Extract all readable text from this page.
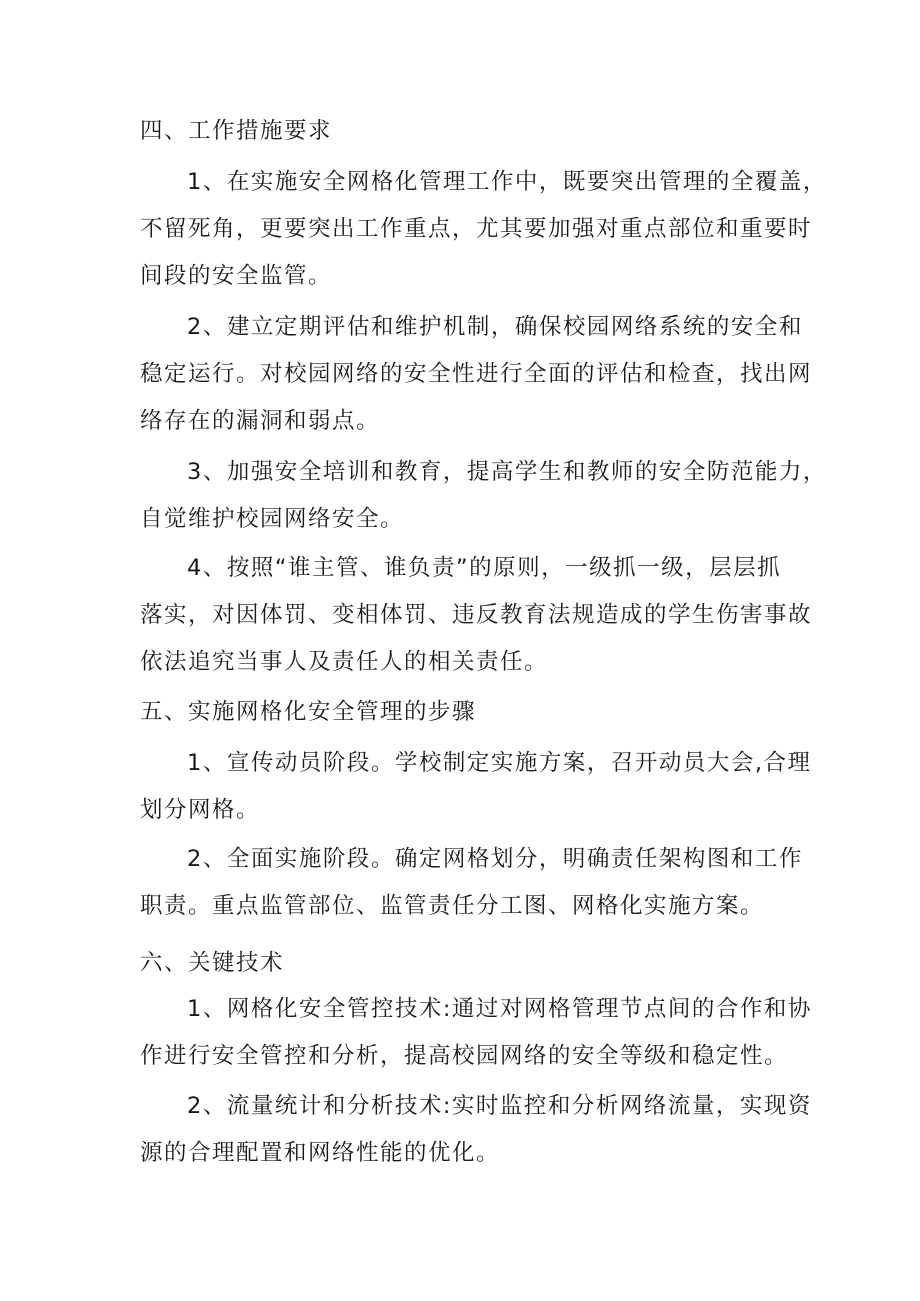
四、工作措施要求
1、在实施安全网格化管理工作中，既要突出管理的全覆盖，
不留死角，更要突出工作重点，尤其要加强对重点部位和重要时
间段的安全监管。
2、建立定期评估和维护机制，确保校园网络系统的安全和
稳定运行。对校园网络的安全性进行全面的评估和检查，找出网
络存在的漏洞和弱点。
3、加强安全培训和教育，提高学生和教师的安全防范能力，
自觉维护校园网络安全。
4、按照“谁主管、谁负责”的原则，一级抓一级，层层抓
落实，对因体罚、变相体罚、违反教育法规造成的学生伤害事故
依法追究当事人及责任人的相关责任。
五、实施网格化安全管理的步骤
1、宣传动员阶段。学校制定实施方案，召开动员大会,合理
划分网格。
2、全面实施阶段。确定网格划分，明确责任架构图和工作
职责。重点监管部位、监管责任分工图、网格化实施方案。
六、关键技术
1、网格化安全管控技术:通过对网格管理节点间的合作和协
作进行安全管控和分析，提高校园网络的安全等级和稳定性。
2、流量统计和分析技术:实时监控和分析网络流量，实现资
源的合理配置和网络性能的优化。
